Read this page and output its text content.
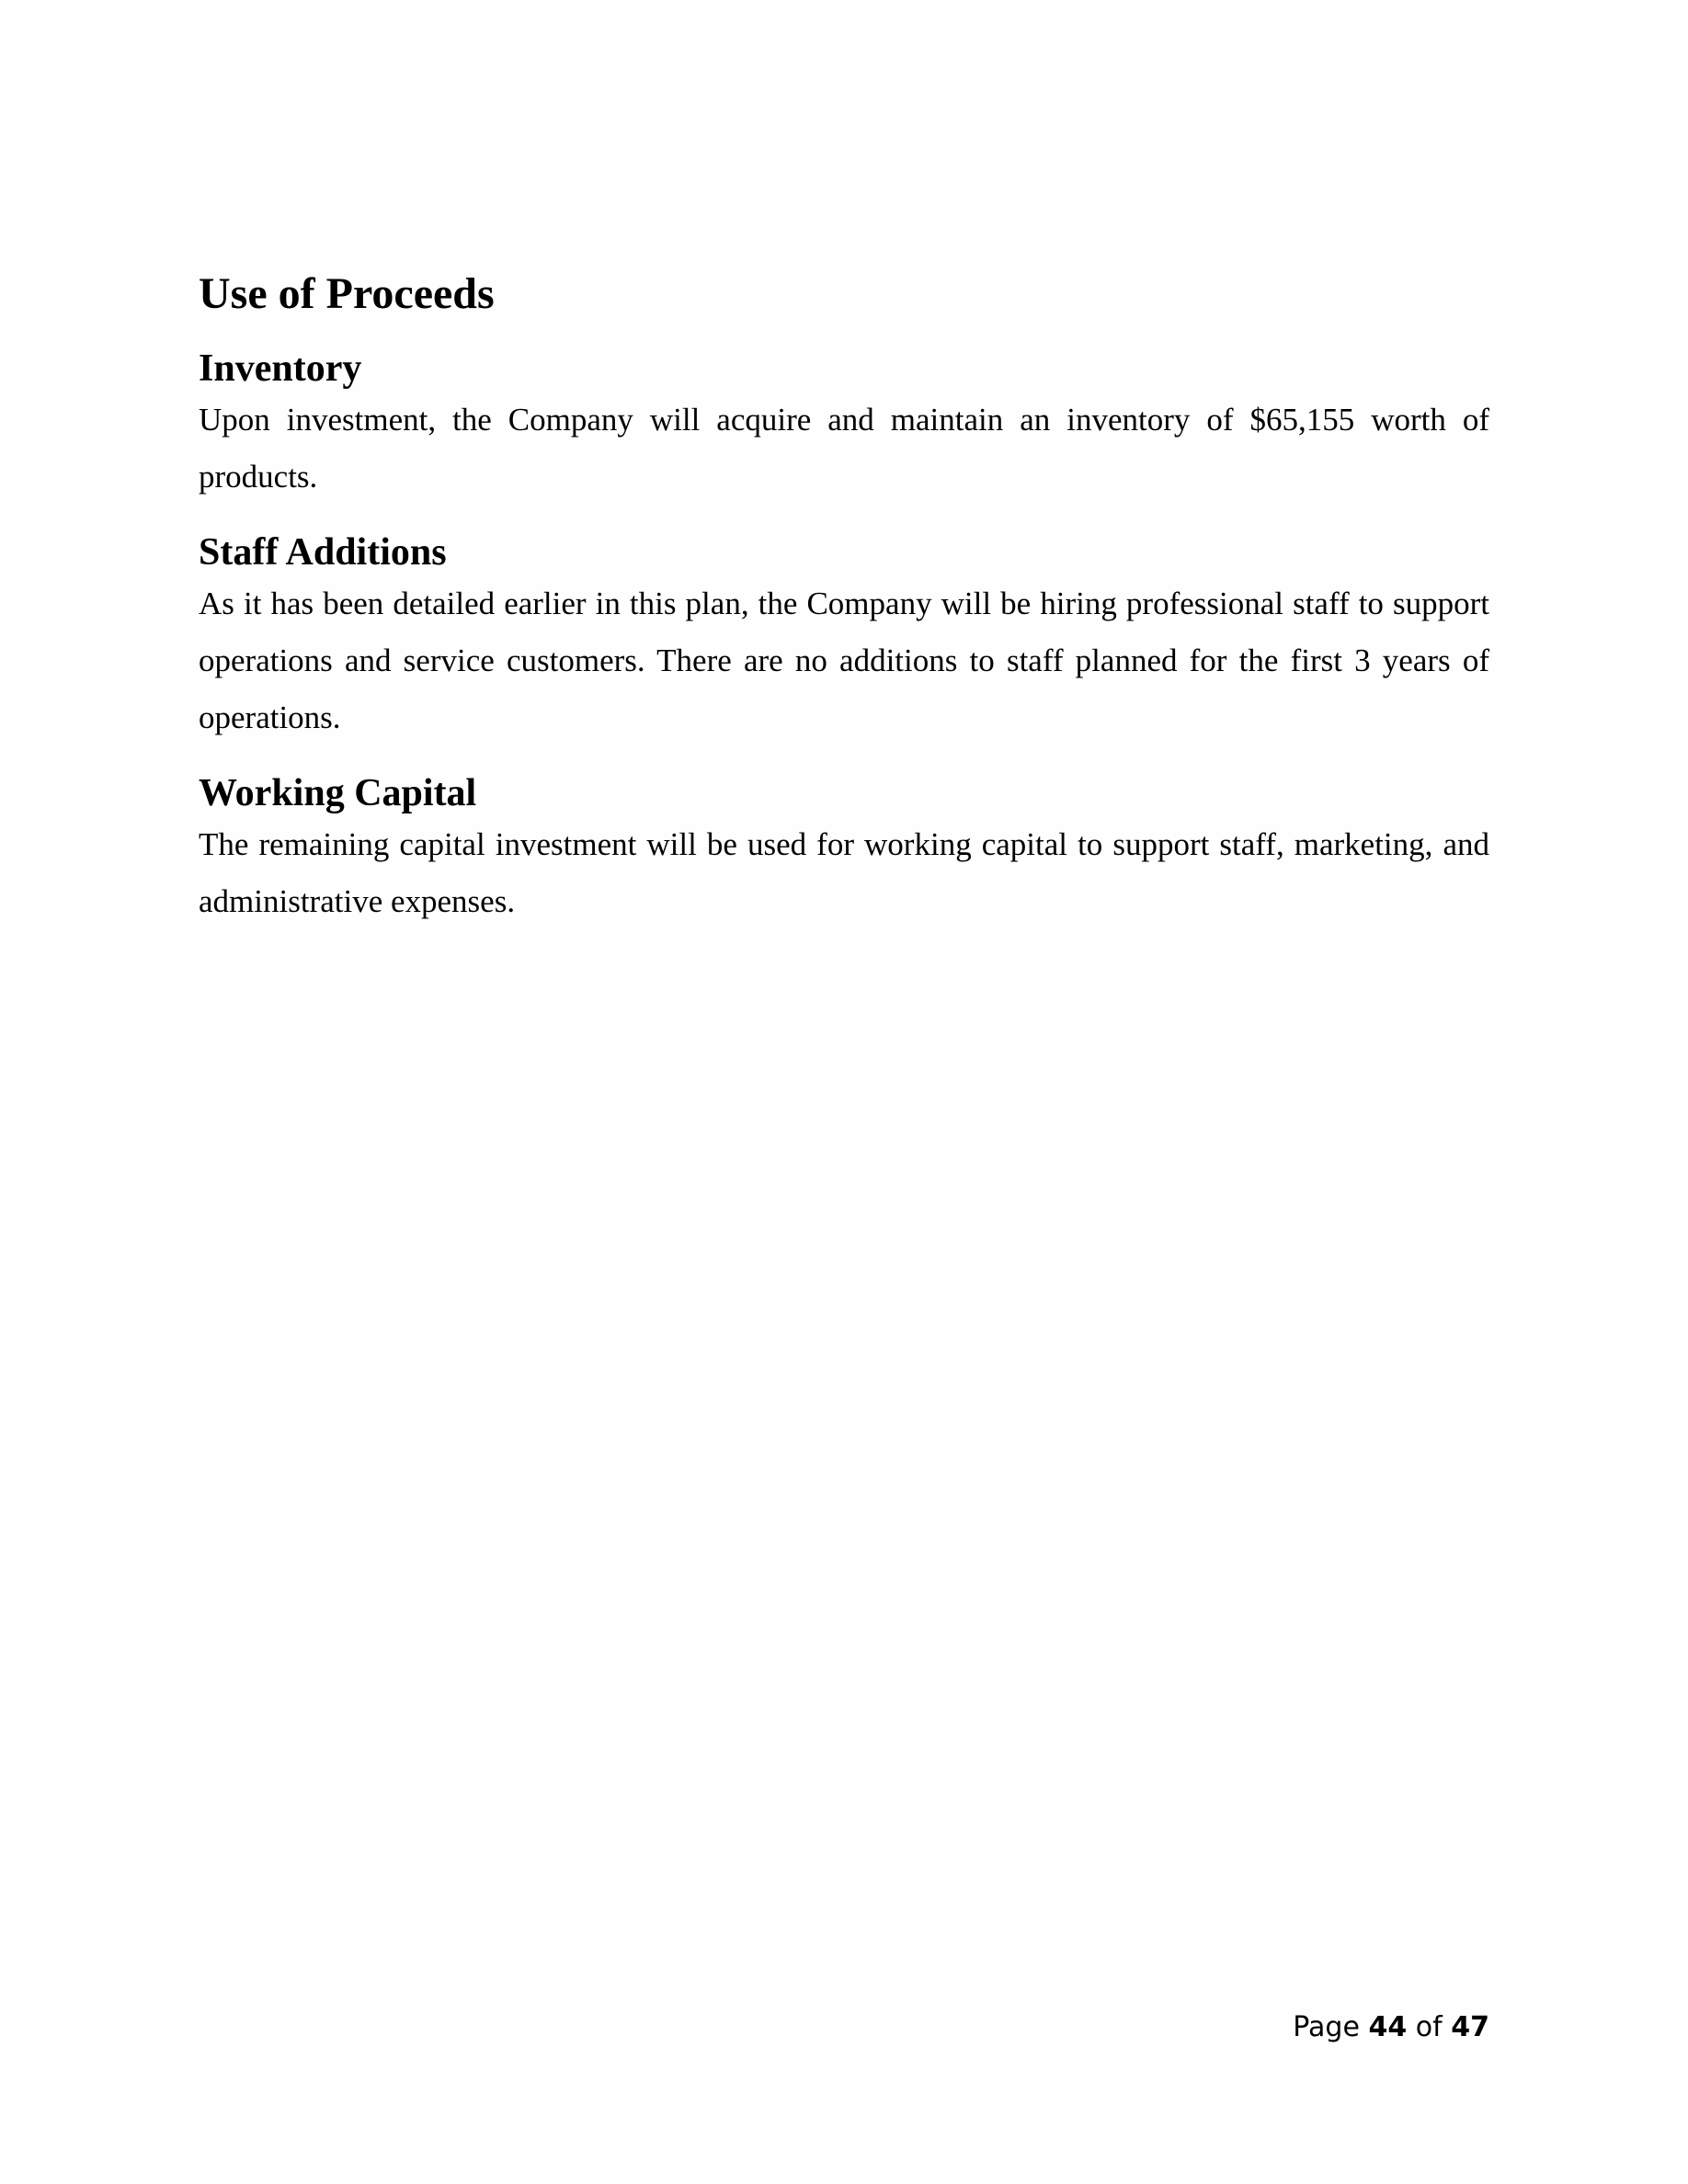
Use of Proceeds
Inventory

Upon investment, the Company will acquire and maintain an inventory of $65,155 worth of products.

Staff Additions

As it has been detailed earlier in this plan, the Company will be hiring professional staff to support operations and service customers. There are no additions to staff planned for the first 3 years of operations.

Working Capital

The remaining capital investment will be used for working capital to support staff, marketing, and administrative expenses.

Page 44 of 47
